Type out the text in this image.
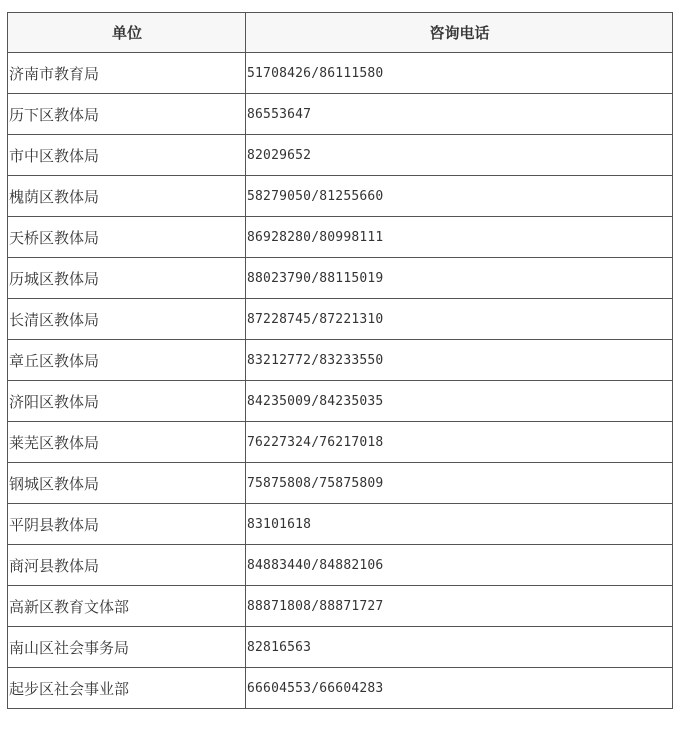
单位	咨询电话
济南市教育局	51708426/86111580
历下区教体局	86553647
市中区教体局	82029652
槐荫区教体局	58279050/81255660
天桥区教体局	86928280/80998111
历城区教体局	88023790/88115019
长清区教体局	87228745/87221310
章丘区教体局	83212772/83233550
济阳区教体局	84235009/84235035
莱芜区教体局	76227324/76217018
钢城区教体局	75875808/75875809
平阴县教体局	83101618
商河县教体局	84883440/84882106
高新区教育文体部	88871808/88871727
南山区社会事务局	82816563
起步区社会事业部	66604553/66604283
